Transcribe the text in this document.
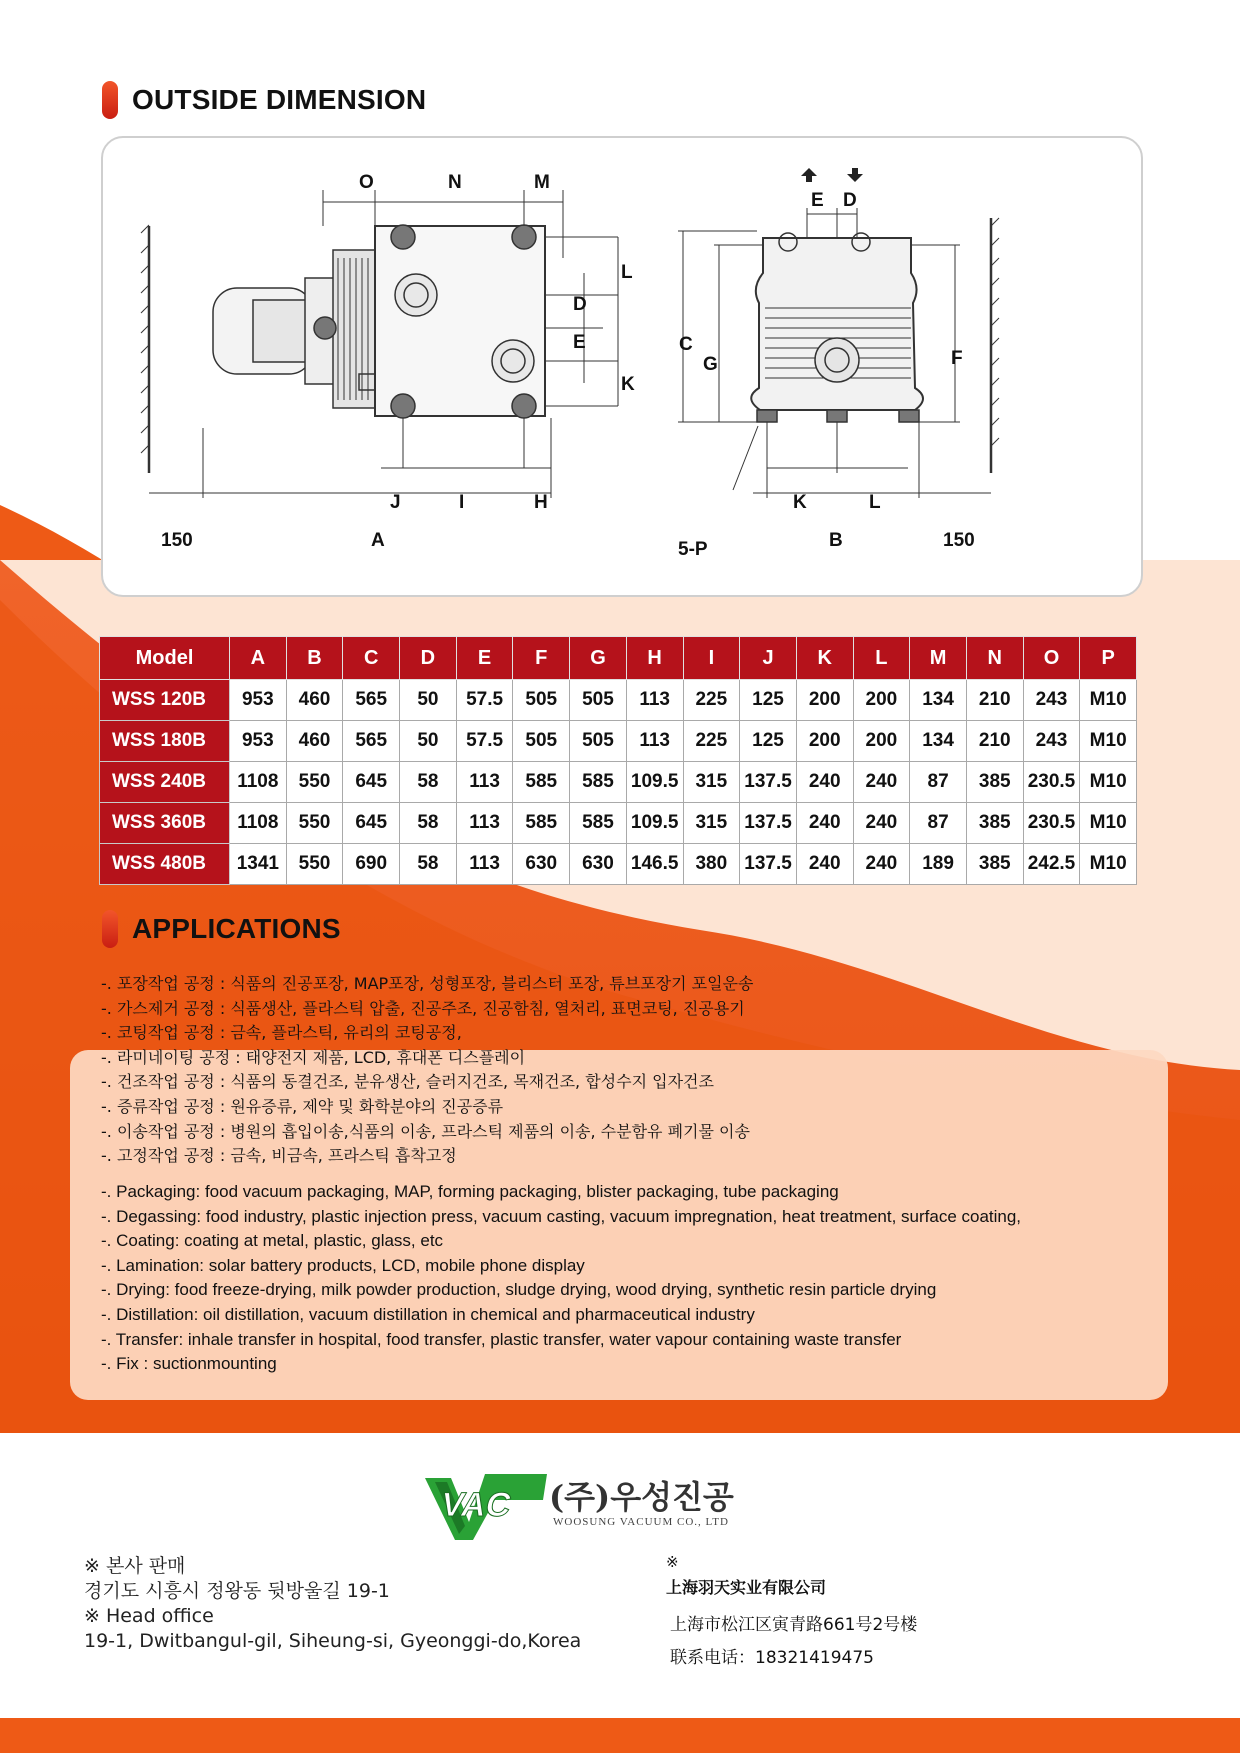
OUTSIDE DIMENSION
O	N	M
L
D
E
K
J	I	H
150	A
C
G	F
E D
K	L
B	150
5-P
Model	A	B	C	D	E	F	G	H	I	J	K	L	M	N	O	P
WSS 120B	953	460	565	50	57.5	505	505	113	225	125	200	200	134	210	243	M10
WSS 180B	953	460	565	50	57.5	505	505	113	225	125	200	200	134	210	243	M10
WSS 240B	1108	550	645	58	113	585	585	109.5	315	137.5	240	240	87	385	230.5	M10
WSS 360B	1108	550	645	58	113	585	585	109.5	315	137.5	240	240	87	385	230.5	M10
WSS 480B	1341	550	690	58	113	630	630	146.5	380	137.5	240	240	189	385	242.5	M10
APPLICATIONS
-. 포장작업 공정 : 식품의 진공포장, MAP포장, 성형포장, 블리스터 포장, 튜브포장기 포일운송
-. 가스제거 공정 : 식품생산, 플라스틱 압출, 진공주조, 진공함침, 열처리, 표면코팅, 진공용기
-. 코팅작업 공정 : 금속, 플라스틱, 유리의 코팅공정,
-. 라미네이팅 공정 : 태양전지 제품, LCD, 휴대폰 디스플레이
-. 건조작업 공정 : 식품의 동결건조, 분유생산, 슬러지건조, 목재건조, 합성수지 입자건조
-. 증류작업 공정 : 원유증류, 제약 및 화학분야의 진공증류
-. 이송작업 공정 : 병원의 흡입이송,식품의 이송, 프라스틱 제품의 이송, 수분함유 폐기물 이송
-. 고정작업 공정 : 금속, 비금속, 프라스틱 흡착고정
-. Packaging: food vacuum packaging, MAP, forming packaging, blister packaging, tube packaging
-. Degassing: food industry, plastic injection press, vacuum casting, vacuum impregnation, heat treatment, surface coating,
-. Coating: coating at metal, plastic, glass, etc
-. Lamination: solar battery products, LCD, mobile phone display
-. Drying: food freeze-drying, milk powder production, sludge drying, wood drying, synthetic resin particle drying
-. Distillation: oil distillation, vacuum distillation in chemical and pharmaceutical industry
-. Transfer: inhale transfer in hospital, food transfer, plastic transfer, water vapour containing waste transfer
-. Fix : suctionmounting
VAC (주)우성진공
WOOSUNG VACUUM CO., LTD
※ 본사 판매
경기도 시흥시 정왕동 뒷방울길 19-1
※ Head office
19-1, Dwitbangul-gil, Siheung-si, Gyeonggi-do,Korea
※
上海羽天实业有限公司
上海市松江区寅青路661号2号楼
联系电话：18321419475
